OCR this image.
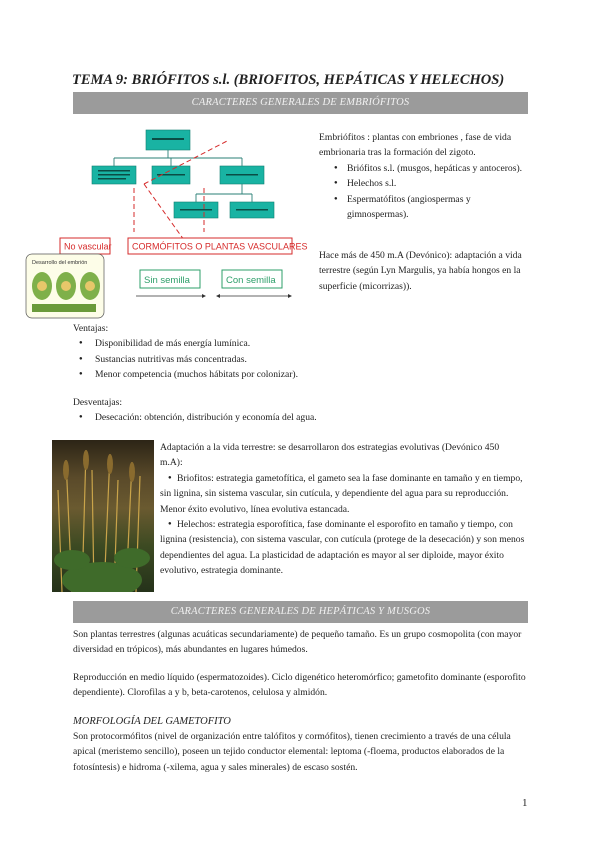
TEMA 9: BRIÓFITOS s.l. (BRIOFITOS, HEPÁTICAS Y HELECHOS)
CARACTERES GENERALES DE EMBRIÓFITOS
No vascular CORMÓFITOS O PLANTAS VASCULARES
Sin semilla	Con semilla
Desarrollo del embrión

Embriófitos : plantas con embriones , fase de vida embrionaria tras la formación del zigoto.

● Briófitos s.l. (musgos, hepáticas y antoceros).

● Helechos s.l.

● Espermatófitos (angiospermas y gimnospermas).

Hace más de 450 m.A (Devónico): adaptación a vida terrestre (según Lyn Margulis, ya había hongos en la superficie (micorrizas)).

Ventajas:

● Disponibilidad de más energía lumínica.

● Sustancias nutritivas más concentradas.

● Menor competencia (muchos hábitats por colonizar).

Desventajas:

● Desecación: obtención, distribución y economía del agua.

Adaptación a la vida terrestre: se desarrollaron dos estrategias evolutivas (Devónico 450

m.A):

● Briofitos: estrategia gametofítica, el gameto sea la fase dominante en tamaño y en tiempo, sin lignina, sin sistema vascular, sin cutícula, y dependiente del agua para su reproducción. Menor éxito evolutivo, línea evolutiva estancada.

● Helechos: estrategia esporofítica, fase dominante el esporofito en tamaño y tiempo, con lignina (resistencia), con sistema vascular, con cutícula (protege de la desecación) y son menos dependientes del agua. La plasticidad de adaptación es mayor al ser diploide, mayor éxito evolutivo, estrategia dominante.

CARACTERES GENERALES DE HEPÁTICAS Y MUSGOS
Son plantas terrestres (algunas acuáticas secundariamente) de pequeño tamaño. Es un grupo cosmopolita (con mayor diversidad en trópicos), más abundantes en lugares húmedos.
Reproducción en medio líquido (espermatozoides). Ciclo digenético heteromórfico; gametofito dominante (esporofito dependiente). Clorofilas a y b, beta-carotenos, celulosa y almidón.
MORFOLOGÍA DEL GAMETOFITO
Son protocormófitos (nivel de organización entre talófitos y cormófitos), tienen crecimiento a través de una célula apical (meristemo sencillo), poseen un tejido conductor elemental: leptoma (-floema, productos elaborados de la fotosíntesis) e hidroma (-xilema, agua y sales minerales) de escaso sostén.
1
